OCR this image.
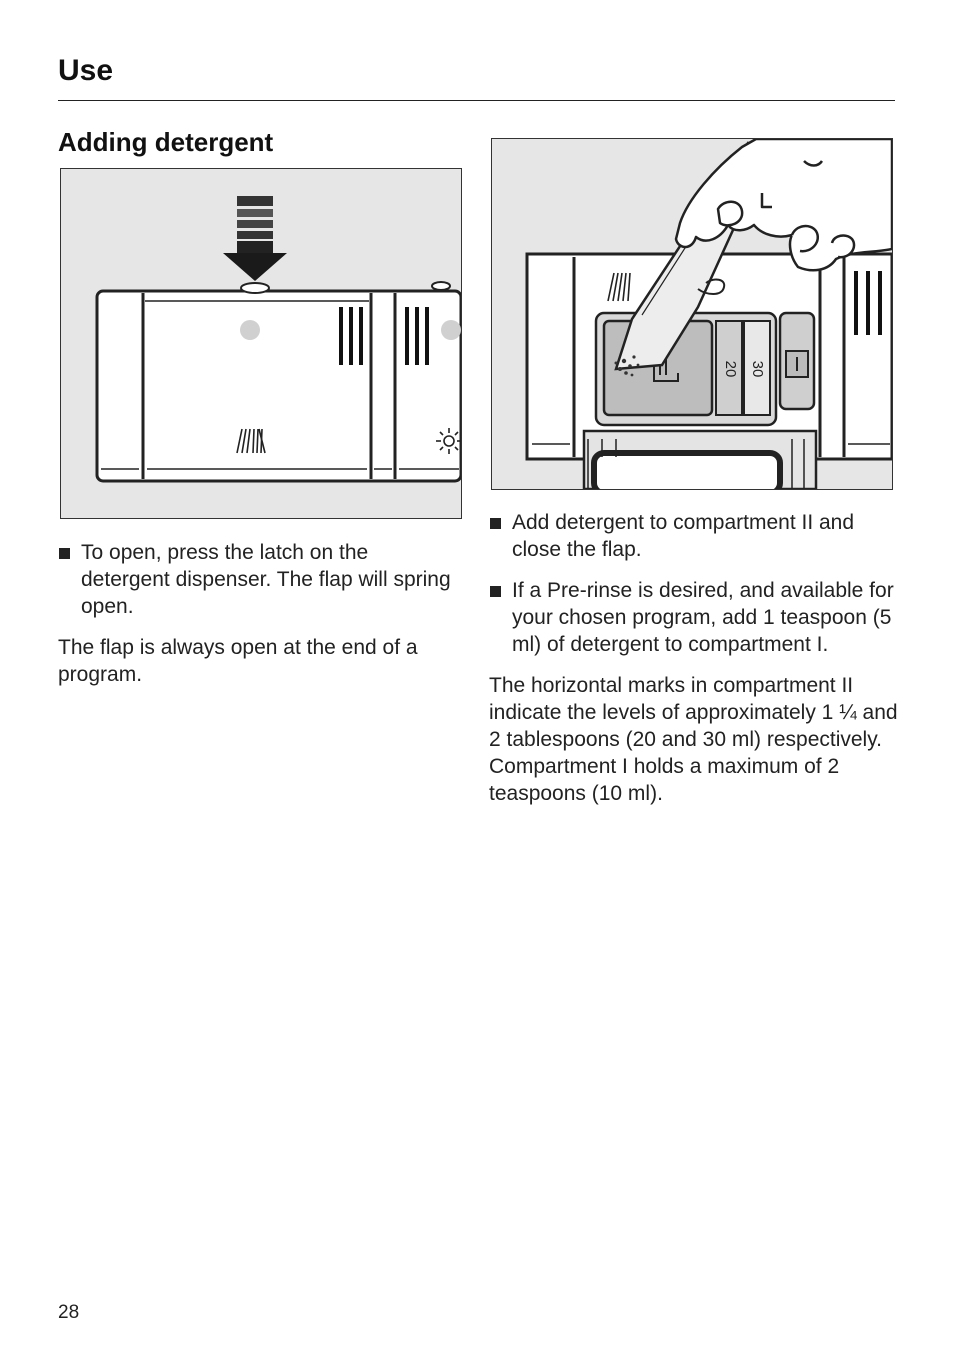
Use
Adding detergent
20 30
To open, press the latch on the detergent dispenser. The flap will spring open.

The flap is always open at the end of a program.

Add detergent to compartment II and close the flap.
If a Pre-rinse is desired, and available for your chosen program, add 1 teaspoon (5 ml) of detergent to compartment I.

The horizontal marks in compartment II indicate the levels of approximately 1 ¼ and 2 tablespoons (20 and 30 ml) respectively. Compartment I holds a maximum of 2 teaspoons (10 ml).

28
